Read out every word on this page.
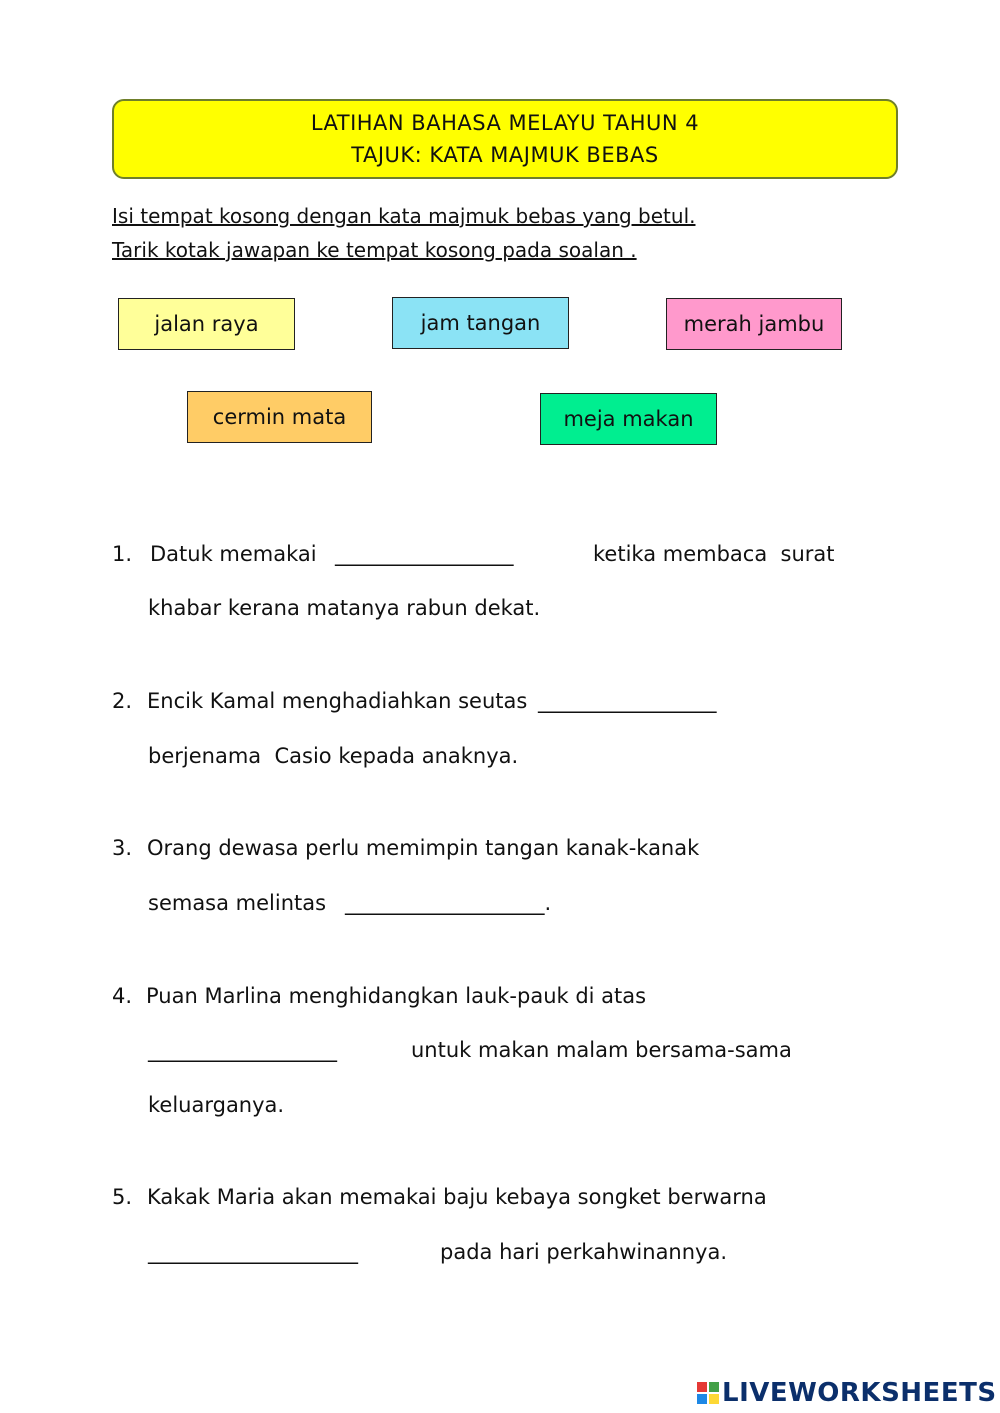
LATIHAN BAHASA MELAYU TAHUN 4
TAJUK: KATA MAJMUK BEBAS
Isi tempat kosong dengan kata majmuk bebas yang betul.
Tarik kotak jawapan ke tempat kosong pada soalan .
jalan raya	jam tangan	merah jambu
cermin mata	meja makan
1. Datuk memakai _________________	ketika membaca  surat
khabar kerana matanya rabun dekat.
2. Encik Kamal menghadiahkan seutas _________________
berjenama  Casio kepada anaknya.
3. Orang dewasa perlu memimpin tangan kanak-kanak
semasa melintas ___________________.
4. Puan Marlina menghidangkan lauk-pauk di atas
__________________	untuk makan malam bersama-sama
keluarganya.
5. Kakak Maria akan memakai baju kebaya songket berwarna
____________________	pada hari perkahwinannya.
LIVEWORKSHEETS
